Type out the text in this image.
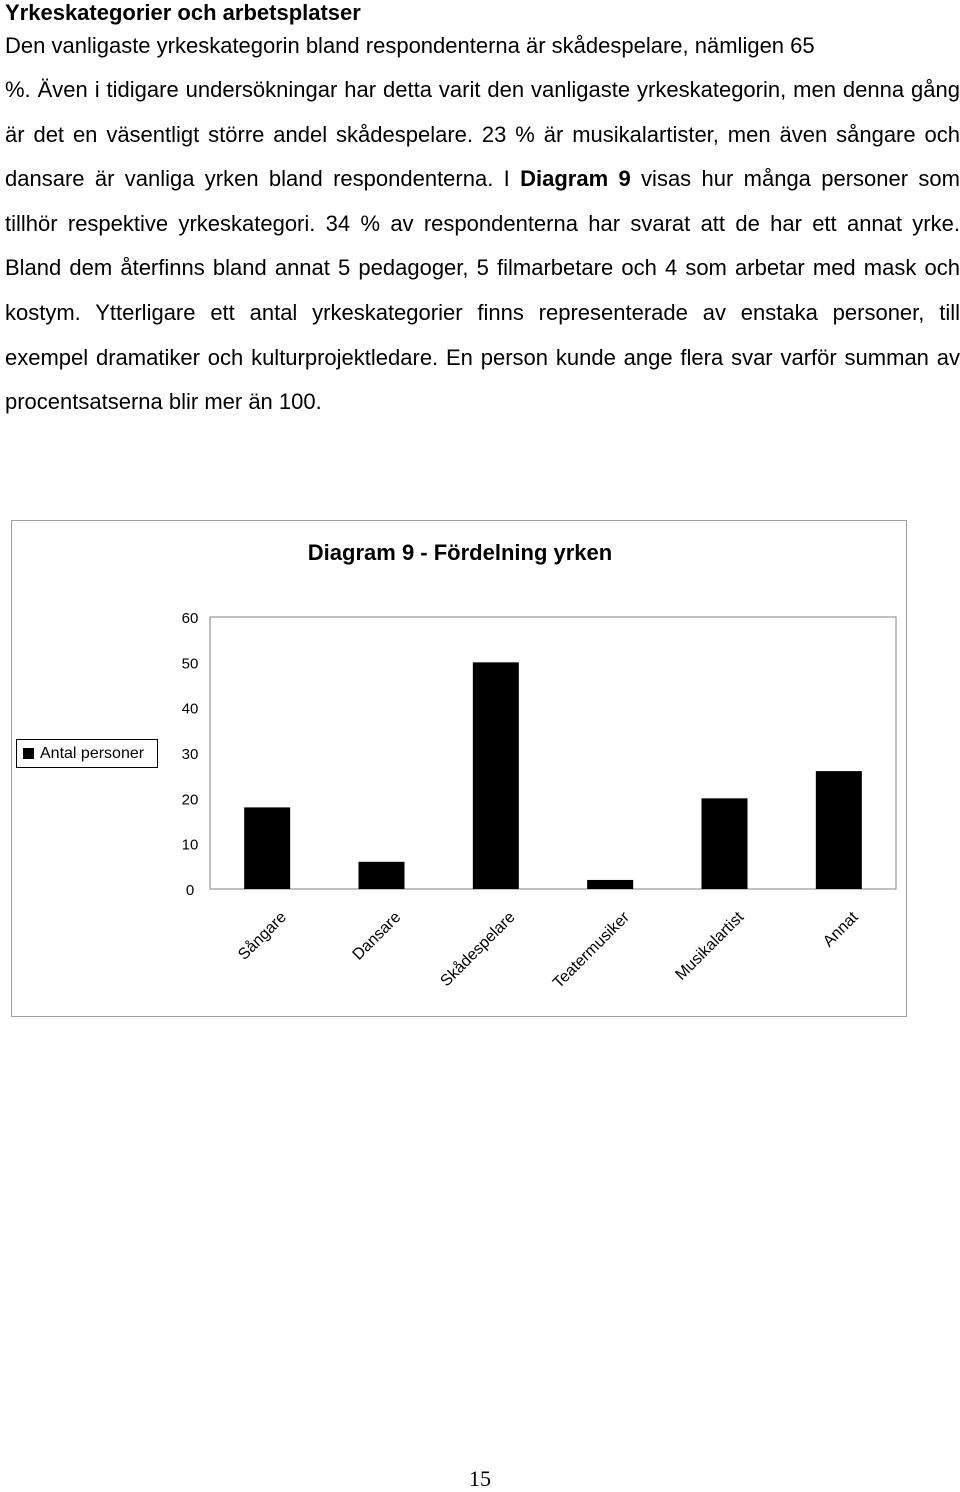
Yrkeskategorier och arbetsplatser
Den vanligaste yrkeskategorin bland respondenterna är skådespelare, nämligen 65
%. Även i tidigare undersökningar har detta varit den vanligaste yrkeskategorin, men denna gång är det en väsentligt större andel skådespelare. 23 % är musikalartister, men även sångare och dansare är vanliga yrken bland respondenterna. I Diagram 9 visas hur många personer som tillhör respektive yrkeskategori. 34 % av respondenterna har svarat att de har ett annat yrke. Bland dem återfinns bland annat 5 pedagoger, 5 filmarbetare och 4 som arbetar med mask och kostym. Ytterligare ett antal yrkeskategorier finns representerade av enstaka personer, till exempel dramatiker och kulturprojektledare. En person kunde ange flera svar varför summan av procentsatserna blir mer än 100.
Diagram 9 - Fördelning yrken
0
10
20
30
40
50
60
Sångare	Dansare Skådespelare Teatermusiker Musikalartist	Annat
Antal personer
15
